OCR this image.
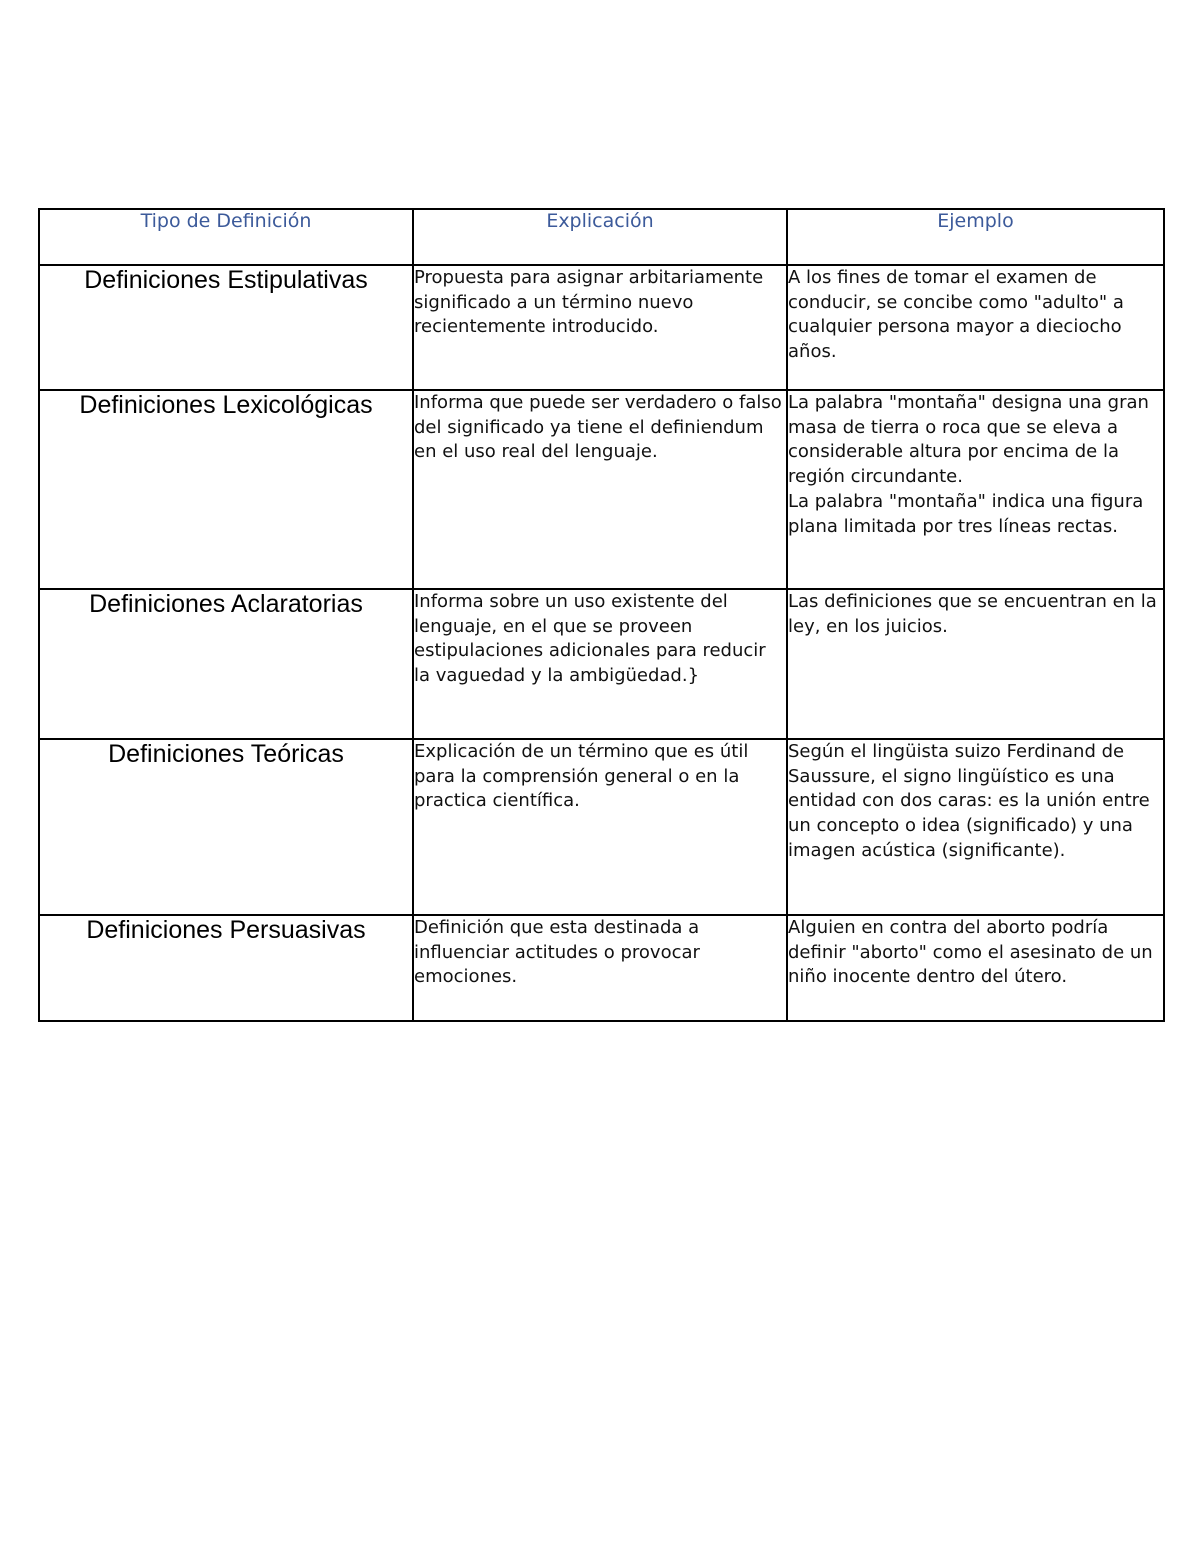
Tipo de Definición	Explicación	Ejemplo
Definiciones Estipulativas	Propuesta para asignar arbitariamente significado a un término nuevo recientemente introducido.	A los fines de tomar el examen de conducir, se concibe como "adulto" a cualquier persona mayor a dieciocho años.

Definiciones Lexicológicas	Informa que puede ser verdadero o falso del significado ya tiene el definiendum en el uso real del lenguaje.	La palabra "montaña" designa una gran masa de tierra o roca que se eleva a considerable altura por encima de la región circundante.
La palabra "montaña" indica una figura plana limitada por tres líneas rectas.

Definiciones Aclaratorias	Informa sobre un uso existente del lenguaje, en el que se proveen estipulaciones adicionales para reducir la vaguedad y la ambigüedad.}	Las definiciones que se encuentran en la ley, en los juicios.

Definiciones Teóricas	Explicación de un término que es útil para la comprensión general o en la practica científica.	Según el lingüista suizo Ferdinand de Saussure, el signo lingüístico es una entidad con dos caras: es la unión entre un concepto o idea (significado) y una imagen acústica (significante).

Definiciones Persuasivas	Definición que esta destinada a influenciar actitudes o provocar emociones.	Alguien en contra del aborto podría definir "aborto" como el asesinato de un niño inocente dentro del útero.
